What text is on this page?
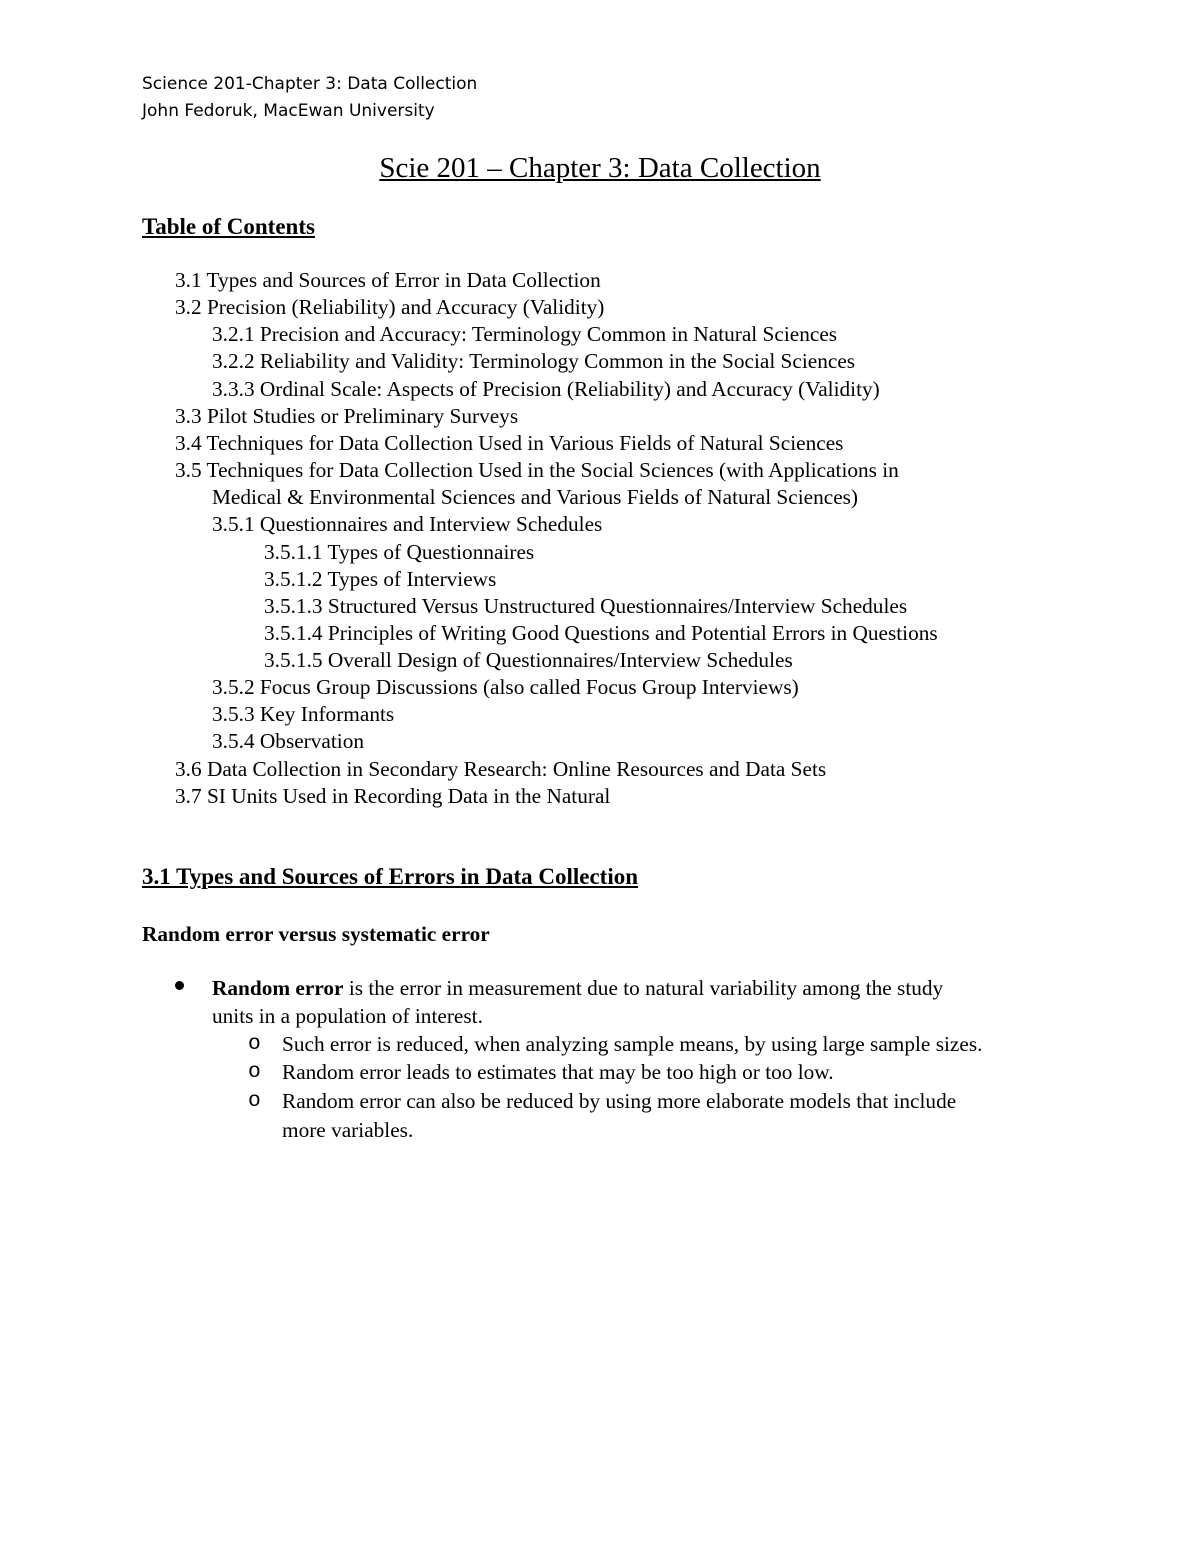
Science 201-Chapter 3: Data Collection
John Fedoruk, MacEwan University
Scie 201 – Chapter 3: Data Collection
Table of Contents
3.1 Types and Sources of Error in Data Collection
3.2 Precision (Reliability) and Accuracy (Validity)
3.2.1 Precision and Accuracy: Terminology Common in Natural Sciences
3.2.2 Reliability and Validity: Terminology Common in the Social Sciences
3.3.3 Ordinal Scale: Aspects of Precision (Reliability) and Accuracy (Validity)
3.3 Pilot Studies or Preliminary Surveys
3.4 Techniques for Data Collection Used in Various Fields of Natural Sciences
3.5 Techniques for Data Collection Used in the Social Sciences (with Applications in
Medical & Environmental Sciences and Various Fields of Natural Sciences)
3.5.1 Questionnaires and Interview Schedules
3.5.1.1 Types of Questionnaires
3.5.1.2 Types of Interviews
3.5.1.3 Structured Versus Unstructured Questionnaires/Interview Schedules
3.5.1.4 Principles of Writing Good Questions and Potential Errors in Questions
3.5.1.5 Overall Design of Questionnaires/Interview Schedules
3.5.2 Focus Group Discussions (also called Focus Group Interviews)
3.5.3 Key Informants
3.5.4 Observation
3.6 Data Collection in Secondary Research: Online Resources and Data Sets
3.7 SI Units Used in Recording Data in the Natural
3.1 Types and Sources of Errors in Data Collection
Random error versus systematic error
Random error is the error in measurement due to natural variability among the study
units in a population of interest.
o Such error is reduced, when analyzing sample means, by using large sample sizes.
o Random error leads to estimates that may be too high or too low.
o Random error can also be reduced by using more elaborate models that include
more variables.
